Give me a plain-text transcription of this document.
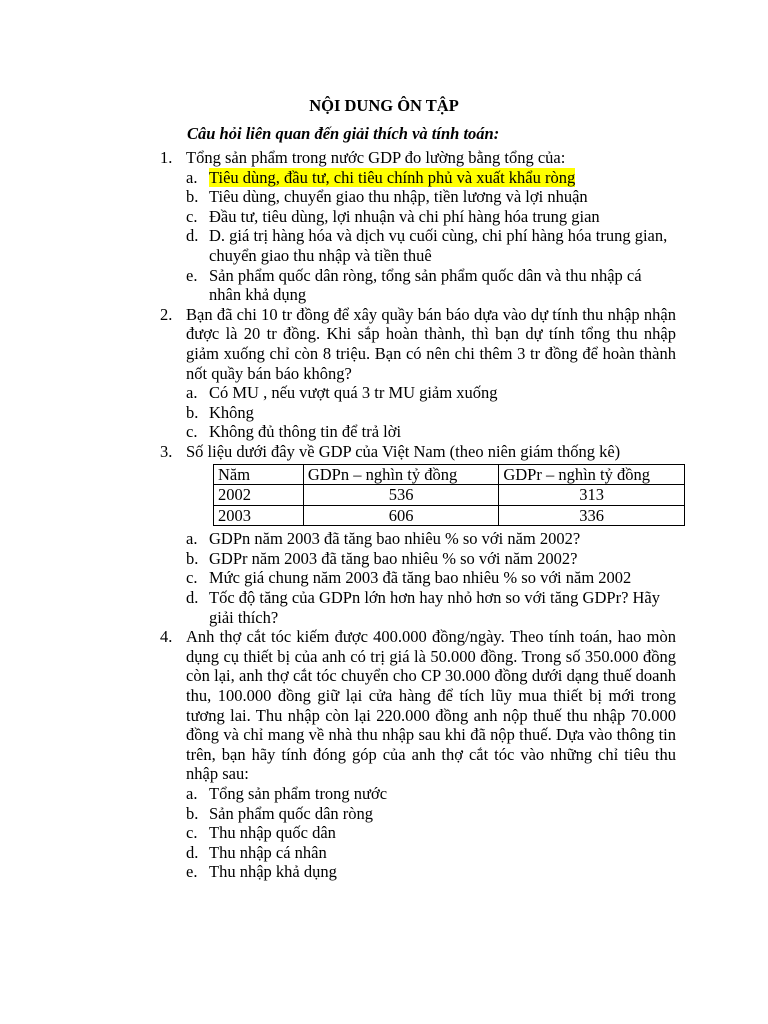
NỘI DUNG ÔN TẬP
Câu hỏi liên quan đến giải thích và tính toán:
1. Tổng sản phẩm trong nước GDP đo lường bằng tổng của:
a. Tiêu dùng, đầu tư, chi tiêu chính phủ và xuất khẩu ròng
b. Tiêu dùng, chuyển giao thu nhập, tiền lương và lợi nhuận
c. Đầu tư, tiêu dùng, lợi nhuận và chi phí hàng hóa trung gian
d. D. giá trị hàng hóa và dịch vụ cuối cùng, chi phí hàng hóa trung gian, chuyển giao thu nhập và tiền thuê
e. Sản phẩm quốc dân ròng, tổng sản phẩm quốc dân và thu nhập cá nhân khả dụng
2. Bạn đã chi 10 tr đồng để xây quầy bán báo dựa vào dự tính thu nhập nhận được là 20 tr đồng. Khi sắp hoàn thành, thì bạn dự tính tổng thu nhập giảm xuống chỉ còn 8 triệu. Bạn có nên chi thêm 3 tr đồng để hoàn thành nốt quầy bán báo không?
a. Có MU , nếu vượt quá 3 tr MU giảm xuống
b. Không
c. Không đủ thông tin để trả lời
3. Số liệu dưới đây về GDP của Việt Nam (theo niên giám thống kê)
Năm	GDPn – nghìn tỷ đồng	GDPr – nghìn tỷ đồng
2002	536	313
2003	606	336
a. GDPn năm 2003 đã tăng bao nhiêu % so với năm 2002?
b. GDPr năm 2003 đã tăng bao nhiêu % so với năm 2002?
c. Mức giá chung năm 2003 đã tăng bao nhiêu % so với năm 2002
d. Tốc độ tăng của GDPn lớn hơn hay nhỏ hơn so với tăng GDPr? Hãy giải thích?
4. Anh thợ cắt tóc kiếm được 400.000 đồng/ngày. Theo tính toán, hao mòn dụng cụ thiết bị của anh có trị giá là 50.000 đồng. Trong số 350.000 đồng còn lại, anh thợ cắt tóc chuyển cho CP 30.000 đồng dưới dạng thuế doanh thu, 100.000 đồng giữ lại cửa hàng để tích lũy mua thiết bị mới trong tương lai. Thu nhập còn lại 220.000 đồng anh nộp thuế thu nhập 70.000 đồng và chỉ mang về nhà thu nhập sau khi đã nộp thuế. Dựa vào thông tin trên, bạn hãy tính đóng góp của anh thợ cắt tóc vào những chỉ tiêu thu nhập sau:
a. Tổng sản phẩm trong nước
b. Sản phẩm quốc dân ròng
c. Thu nhập quốc dân
d. Thu nhập cá nhân
e. Thu nhập khả dụng
